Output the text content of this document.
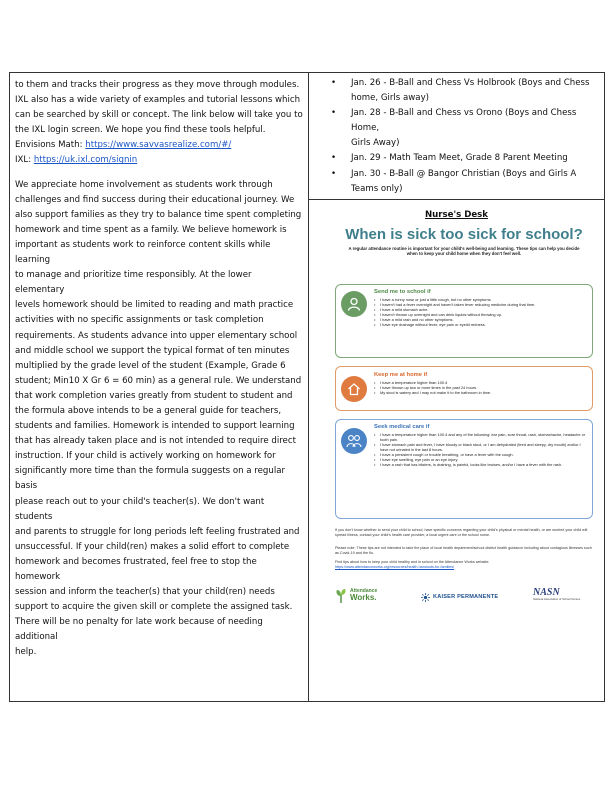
to them and tracks their progress as they move through modules.

IXL also has a wide variety of examples and tutorial lessons which

can be searched by skill or concept. The link below will take you to

the IXL login screen. We hope you find these tools helpful.

Envisions Math: https://www.savvasrealize.com/#/

IXL: https://uk.ixl.com/signin

We appreciate home involvement as students work through

challenges and find success during their educational journey. We

also support families as they try to balance time spent completing

homework and time spent as a family. We believe homework is

important as students work to reinforce content skills while learning

to manage and prioritize time responsibly. At the lower elementary

levels homework should be limited to reading and math practice

activities with no specific assignments or task completion

requirements. As students advance into upper elementary school

and middle school we support the typical format of ten minutes

multiplied by the grade level of the student (Example, Grade 6

student; Min10 X Gr 6 = 60 min) as a general rule. We understand

that work completion varies greatly from student to student and

the formula above intends to be a general guide for teachers,

students and families. Homework is intended to support learning

that has already taken place and is not intended to require direct

instruction. If your child is actively working on homework for

significantly more time than the formula suggests on a regular basis

please reach out to your child's teacher(s). We don't want students

and parents to struggle for long periods left feeling frustrated and

unsuccessful. If your child(ren) makes a solid effort to complete

homework and becomes frustrated, feel free to stop the homework

session and inform the teacher(s) that your child(ren) needs

support to acquire the given skill or complete the assigned task.

There will be no penalty for late work because of needing additional

help.

• Jan. 26 - B-Ball and Chess Vs Holbrook (Boys and Chess
home, Girls away)
• Jan. 28 - B-Ball and Chess vs Orono (Boys and Chess Home,
Girls Away)
• Jan. 29 - Math Team Meet, Grade 8 Parent Meeting
• Jan. 30 - B-Ball @ Bangor Christian (Boys and Girls A
Teams only)
Nurse's Desk
When is sick too sick for school?
A regular attendance routine is important for your child's well-being and learning. These tips can help you decide when to keep your child home when they don't feel well.
Send me to school if
• I have a runny nose or just a little cough, but no other symptoms.
• I haven't had a fever overnight and haven't taken fever reducing medicine during that time.
• I have a mild stomach ache.
• I haven't thrown up overnight and can drink liquids without throwing up.
• I have a mild rash and no other symptoms.
• I have eye drainage without fever, eye pain or eyelid redness.
Keep me at home if
• I have a temperature higher than 100.4
• I have thrown up two or more times in the past 24 hours.
• My stool is watery and I may not make it to the bathroom in time.
Seek medical care if
• I have a temperature higher than 100.4 and any of the following: ear pain, sore throat, rash, stomachache, headache or tooth pain.
• I have stomach pain and fever, I have bloody or black stool, or I am dehydrated (tired and sleepy, dry mouth) and/or I have not urinated in the last 8 hours.
• I have a persistent cough or trouble breathing, or have a fever with the cough.
• I have eye swelling, eye pain or an eye injury.
• I have a rash that has blisters, is draining, is painful, looks like bruises, and/or I have a fever with the rash.
If you don't know whether to send your child to school, have specific concerns regarding your child's physical or mental health, or are worried your child will spread illness, contact your child's health care provider, a local urgent care or the school nurse.
Please note: These tips are not intended to take the place of local health department/school district health guidance including about contagious illnesses such as Covid-19 and the flu.
Find tips about how to keep your child healthy and in school on the Attendance Works website:
https://www.attendanceworks.org/resources/health-handouts-for-families/
Attendance
Works.	KAISER PERMANENTE	NASN
National Association of School Nurses
